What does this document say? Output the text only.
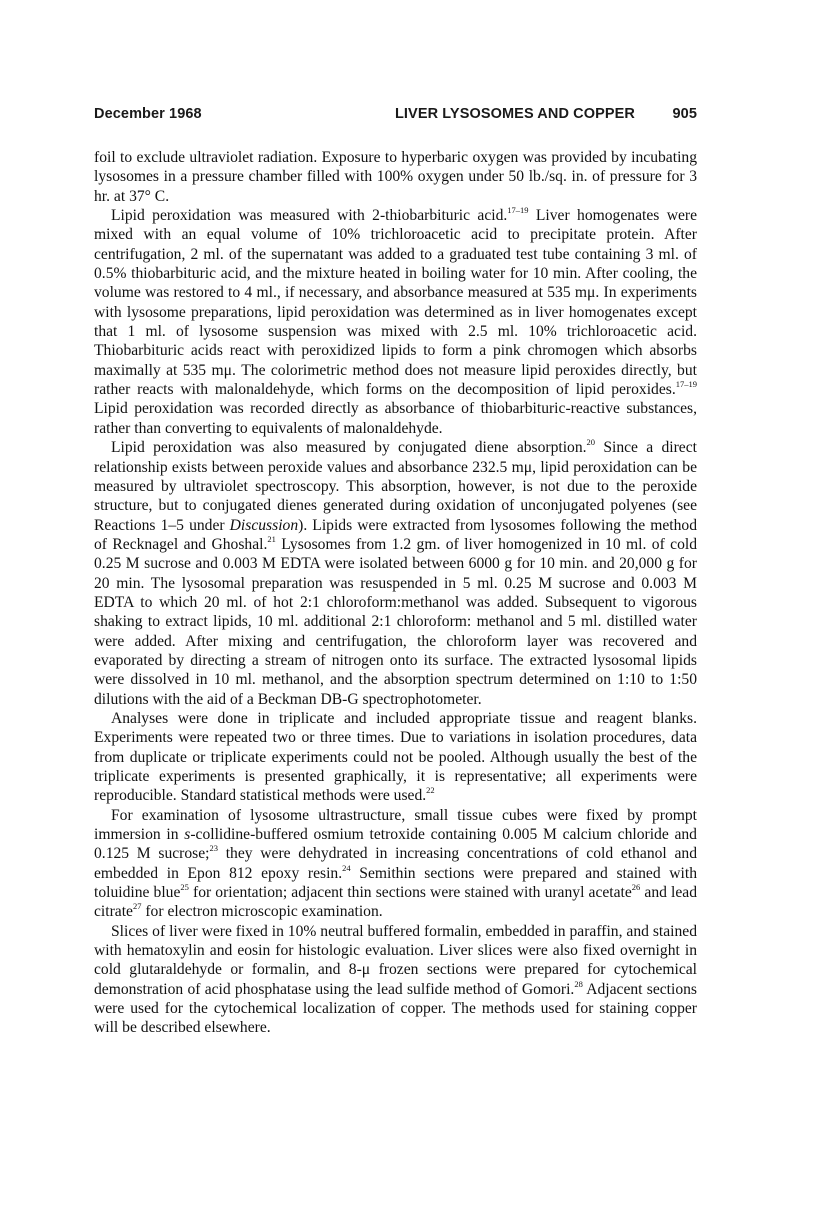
December 1968	LIVER LYSOSOMES AND COPPER	905

foil to exclude ultraviolet radiation. Exposure to hyperbaric oxygen was provided by incubating lysosomes in a pressure chamber filled with 100% oxygen under 50 lb./sq. in. of pressure for 3 hr. at 37° C.

Lipid peroxidation was measured with 2-thiobarbituric acid.$^{17-19}$ Liver homogenates were mixed with an equal volume of 10% trichloroacetic acid to precipitate protein. After centrifugation, 2 ml. of the supernatant was added to a graduated test tube containing 3 ml. of 0.5% thiobarbituric acid, and the mixture heated in boiling water for 10 min. After cooling, the volume was restored to 4 ml., if necessary, and absorbance measured at 535 mμ. In experiments with lysosome preparations, lipid peroxidation was determined as in liver homogenates except that 1 ml. of lysosome suspension was mixed with 2.5 ml. 10% trichloroacetic acid. Thiobarbituric acids react with peroxidized lipids to form a pink chromogen which absorbs maximally at 535 mμ. The colorimetric method does not measure lipid peroxides directly, but rather reacts with malonaldehyde, which forms on the decomposition of lipid peroxides.$^{17-19}$ Lipid peroxidation was recorded directly as absorbance of thiobarbituric-reactive substances, rather than converting to equivalents of malonaldehyde.

Lipid peroxidation was also measured by conjugated diene absorption.$^{20}$ Since a direct relationship exists between peroxide values and absorbance 232.5 mμ, lipid peroxidation can be measured by ultraviolet spectroscopy. This absorption, however, is not due to the peroxide structure, but to conjugated dienes generated during oxidation of unconjugated polyenes (see Reactions 1–5 under Discussion). Lipids were extracted from lysosomes following the method of Recknagel and Ghoshal.$^{21}$ Lysosomes from 1.2 gm. of liver homogenized in 10 ml. of cold 0.25 M sucrose and 0.003 M EDTA were isolated between 6000 g for 10 min. and 20,000 g for 20 min. The lysosomal preparation was resuspended in 5 ml. 0.25 M sucrose and 0.003 M EDTA to which 20 ml. of hot 2:1 chloroform:methanol was added. Subsequent to vigorous shaking to extract lipids, 10 ml. additional 2:1 chloroform: methanol and 5 ml. distilled water were added. After mixing and centrifugation, the chloroform layer was recovered and evaporated by directing a stream of nitrogen onto its surface. The extracted lysosomal lipids were dissolved in 10 ml. methanol, and the absorption spectrum determined on 1:10 to 1:50 dilutions with the aid of a Beckman DB-G spectrophotometer.

Analyses were done in triplicate and included appropriate tissue and reagent blanks. Experiments were repeated two or three times. Due to variations in isolation procedures, data from duplicate or triplicate experiments could not be pooled. Although usually the best of the triplicate experiments is presented graphically, it is representative; all experiments were reproducible. Standard statistical methods were used.$^{22}$

For examination of lysosome ultrastructure, small tissue cubes were fixed by prompt immersion in s-collidine-buffered osmium tetroxide containing 0.005 M calcium chloride and 0.125 M sucrose;$^{23}$ they were dehydrated in increasing concentrations of cold ethanol and embedded in Epon 812 epoxy resin.$^{24}$ Semithin sections were prepared and stained with toluidine blue$^{25}$ for orientation; adjacent thin sections were stained with uranyl acetate$^{26}$ and lead citrate$^{27}$ for electron microscopic examination.

Slices of liver were fixed in 10% neutral buffered formalin, embedded in paraffin, and stained with hematoxylin and eosin for histologic evaluation. Liver slices were also fixed overnight in cold glutaraldehyde or formalin, and 8-μ frozen sections were prepared for cytochemical demonstration of acid phosphatase using the lead sulfide method of Gomori.$^{28}$ Adjacent sections were used for the cytochemical localization of copper. The methods used for staining copper will be described elsewhere.
